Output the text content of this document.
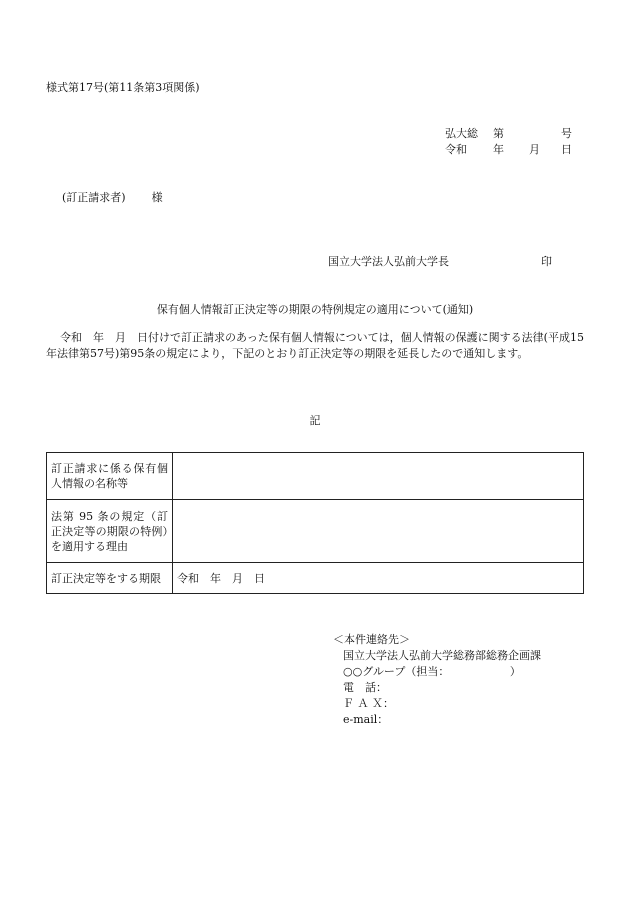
様式第17号(第11条第3項関係)
弘大総	第	号
令和	年	月	日
(訂正請求者) 様
国立大学法人弘前大学長	印
保有個人情報訂正決定等の期限の特例規定の適用について(通知)
令和　年　月　日付けで訂正請求のあった保有個人情報については，個人情報の保護に関する法律(平成15年法律第57号)第95条の規定により，下記のとおり訂正決定等の期限を延長したので通知します。
記
訂正請求に係る保有個人情報の名称等	
法第 95 条の規定（訂正決定等の期限の特例）を適用する理由	
訂正決定等をする期限	令和　年　月　日
＜本件連絡先＞
国立大学法人弘前大学総務部総務企画課
○○グループ（担当：　　　　　　）
電　話：
Ｆ Ａ Ｘ：
e-mail：
